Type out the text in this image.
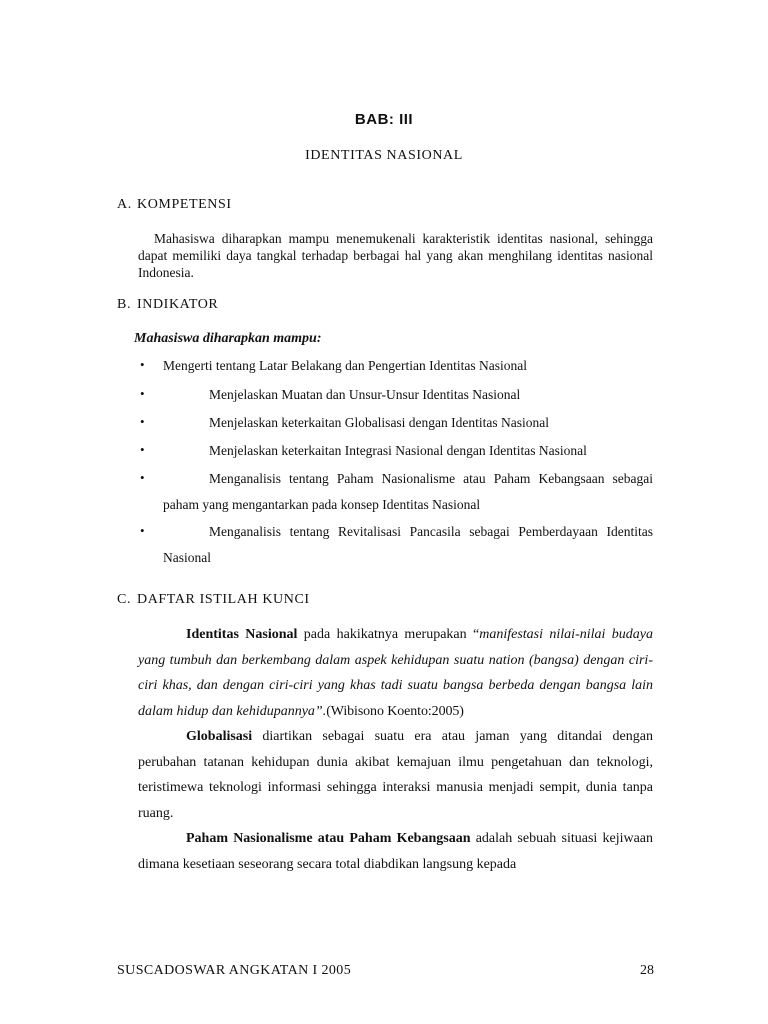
BAB: III
IDENTITAS NASIONAL
A. KOMPETENSI
Mahasiswa diharapkan mampu menemukenali karakteristik identitas nasional, sehingga dapat memiliki daya tangkal terhadap berbagai hal yang akan menghilang identitas nasional Indonesia.
B. INDIKATOR
Mahasiswa diharapkan mampu:
• Mengerti tentang Latar Belakang dan Pengertian Identitas Nasional
•	Menjelaskan Muatan dan Unsur-Unsur Identitas Nasional
•	Menjelaskan keterkaitan Globalisasi dengan Identitas Nasional
•	Menjelaskan keterkaitan Integrasi Nasional dengan Identitas Nasional
•	Menganalisis tentang Paham Nasionalisme atau Paham Kebangsaan sebagai paham yang mengantarkan pada konsep Identitas Nasional
•	Menganalisis tentang Revitalisasi Pancasila sebagai Pemberdayaan Identitas Nasional
C. DAFTAR ISTILAH KUNCI

Identitas Nasional pada hakikatnya merupakan “manifestasi nilai-nilai budaya yang tumbuh dan berkembang dalam aspek kehidupan suatu nation (bangsa) dengan ciri-ciri khas, dan dengan ciri-ciri yang khas tadi suatu bangsa berbeda dengan bangsa lain dalam hidup dan kehidupannya”.(Wibisono Koento:2005)

Globalisasi diartikan sebagai suatu era atau jaman yang ditandai dengan perubahan tatanan kehidupan dunia akibat kemajuan ilmu pengetahuan dan teknologi, teristimewa teknologi informasi sehingga interaksi manusia menjadi sempit, dunia tanpa ruang.

Paham Nasionalisme atau Paham Kebangsaan adalah sebuah situasi kejiwaan dimana kesetiaan seseorang secara total diabdikan langsung kepada

SUSCADOSWAR ANGKATAN I 2005	28
